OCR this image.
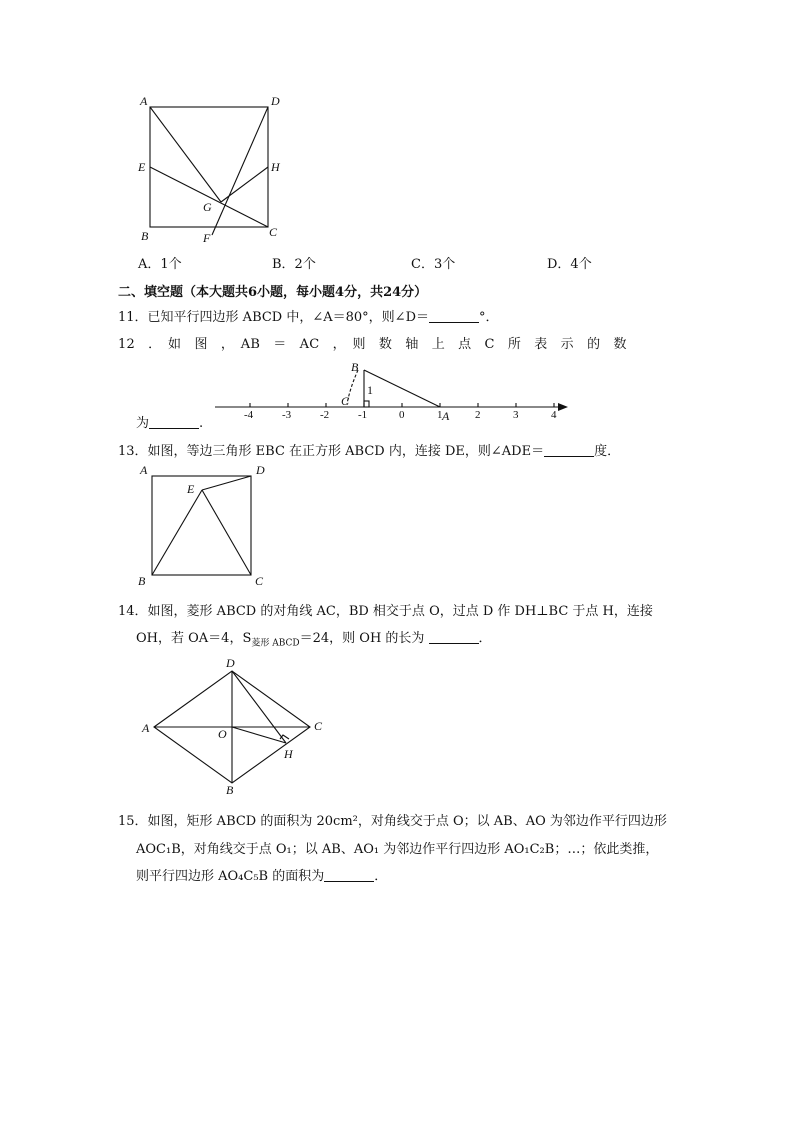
A	D
E	H
G
B	F	C
A．1个	B．2个	C．3个	D．4个
二、填空题（本大题共6小题，每小题4分，共24分）
11．已知平行四边形 ABCD 中，∠A＝80°，则∠D＝	°．
12　．　如　图　，　AB　＝　AC　，　则　数　轴　上　点　C　所　表　示　的　数
B
1
C
-4	-3	-2	-1	0	1	2	3	4
A
为	.
13．如图，等边三角形 EBC 在正方形 ABCD 内，连接 DE，则∠ADE＝	度．
A	D
E
B	C
14．如图，菱形 ABCD 的对角线 AC，BD 相交于点 O，过点 D 作 DH⊥BC 于点 H，连接
OH，若 OA＝4，$S_{菱形 ABCD}=24$，则 OH 的长为	．
D
A	O
C
H
B
15．如图，矩形 ABCD 的面积为 20cm²，对角线交于点 O；以 AB、AO 为邻边作平行四边形
AOC₁B，对角线交于点 O₁；以 AB、AO₁ 为邻边作平行四边形 AO₁C₂B；…；依此类推，
则平行四边形 AO₄C₅B 的面积为	．
